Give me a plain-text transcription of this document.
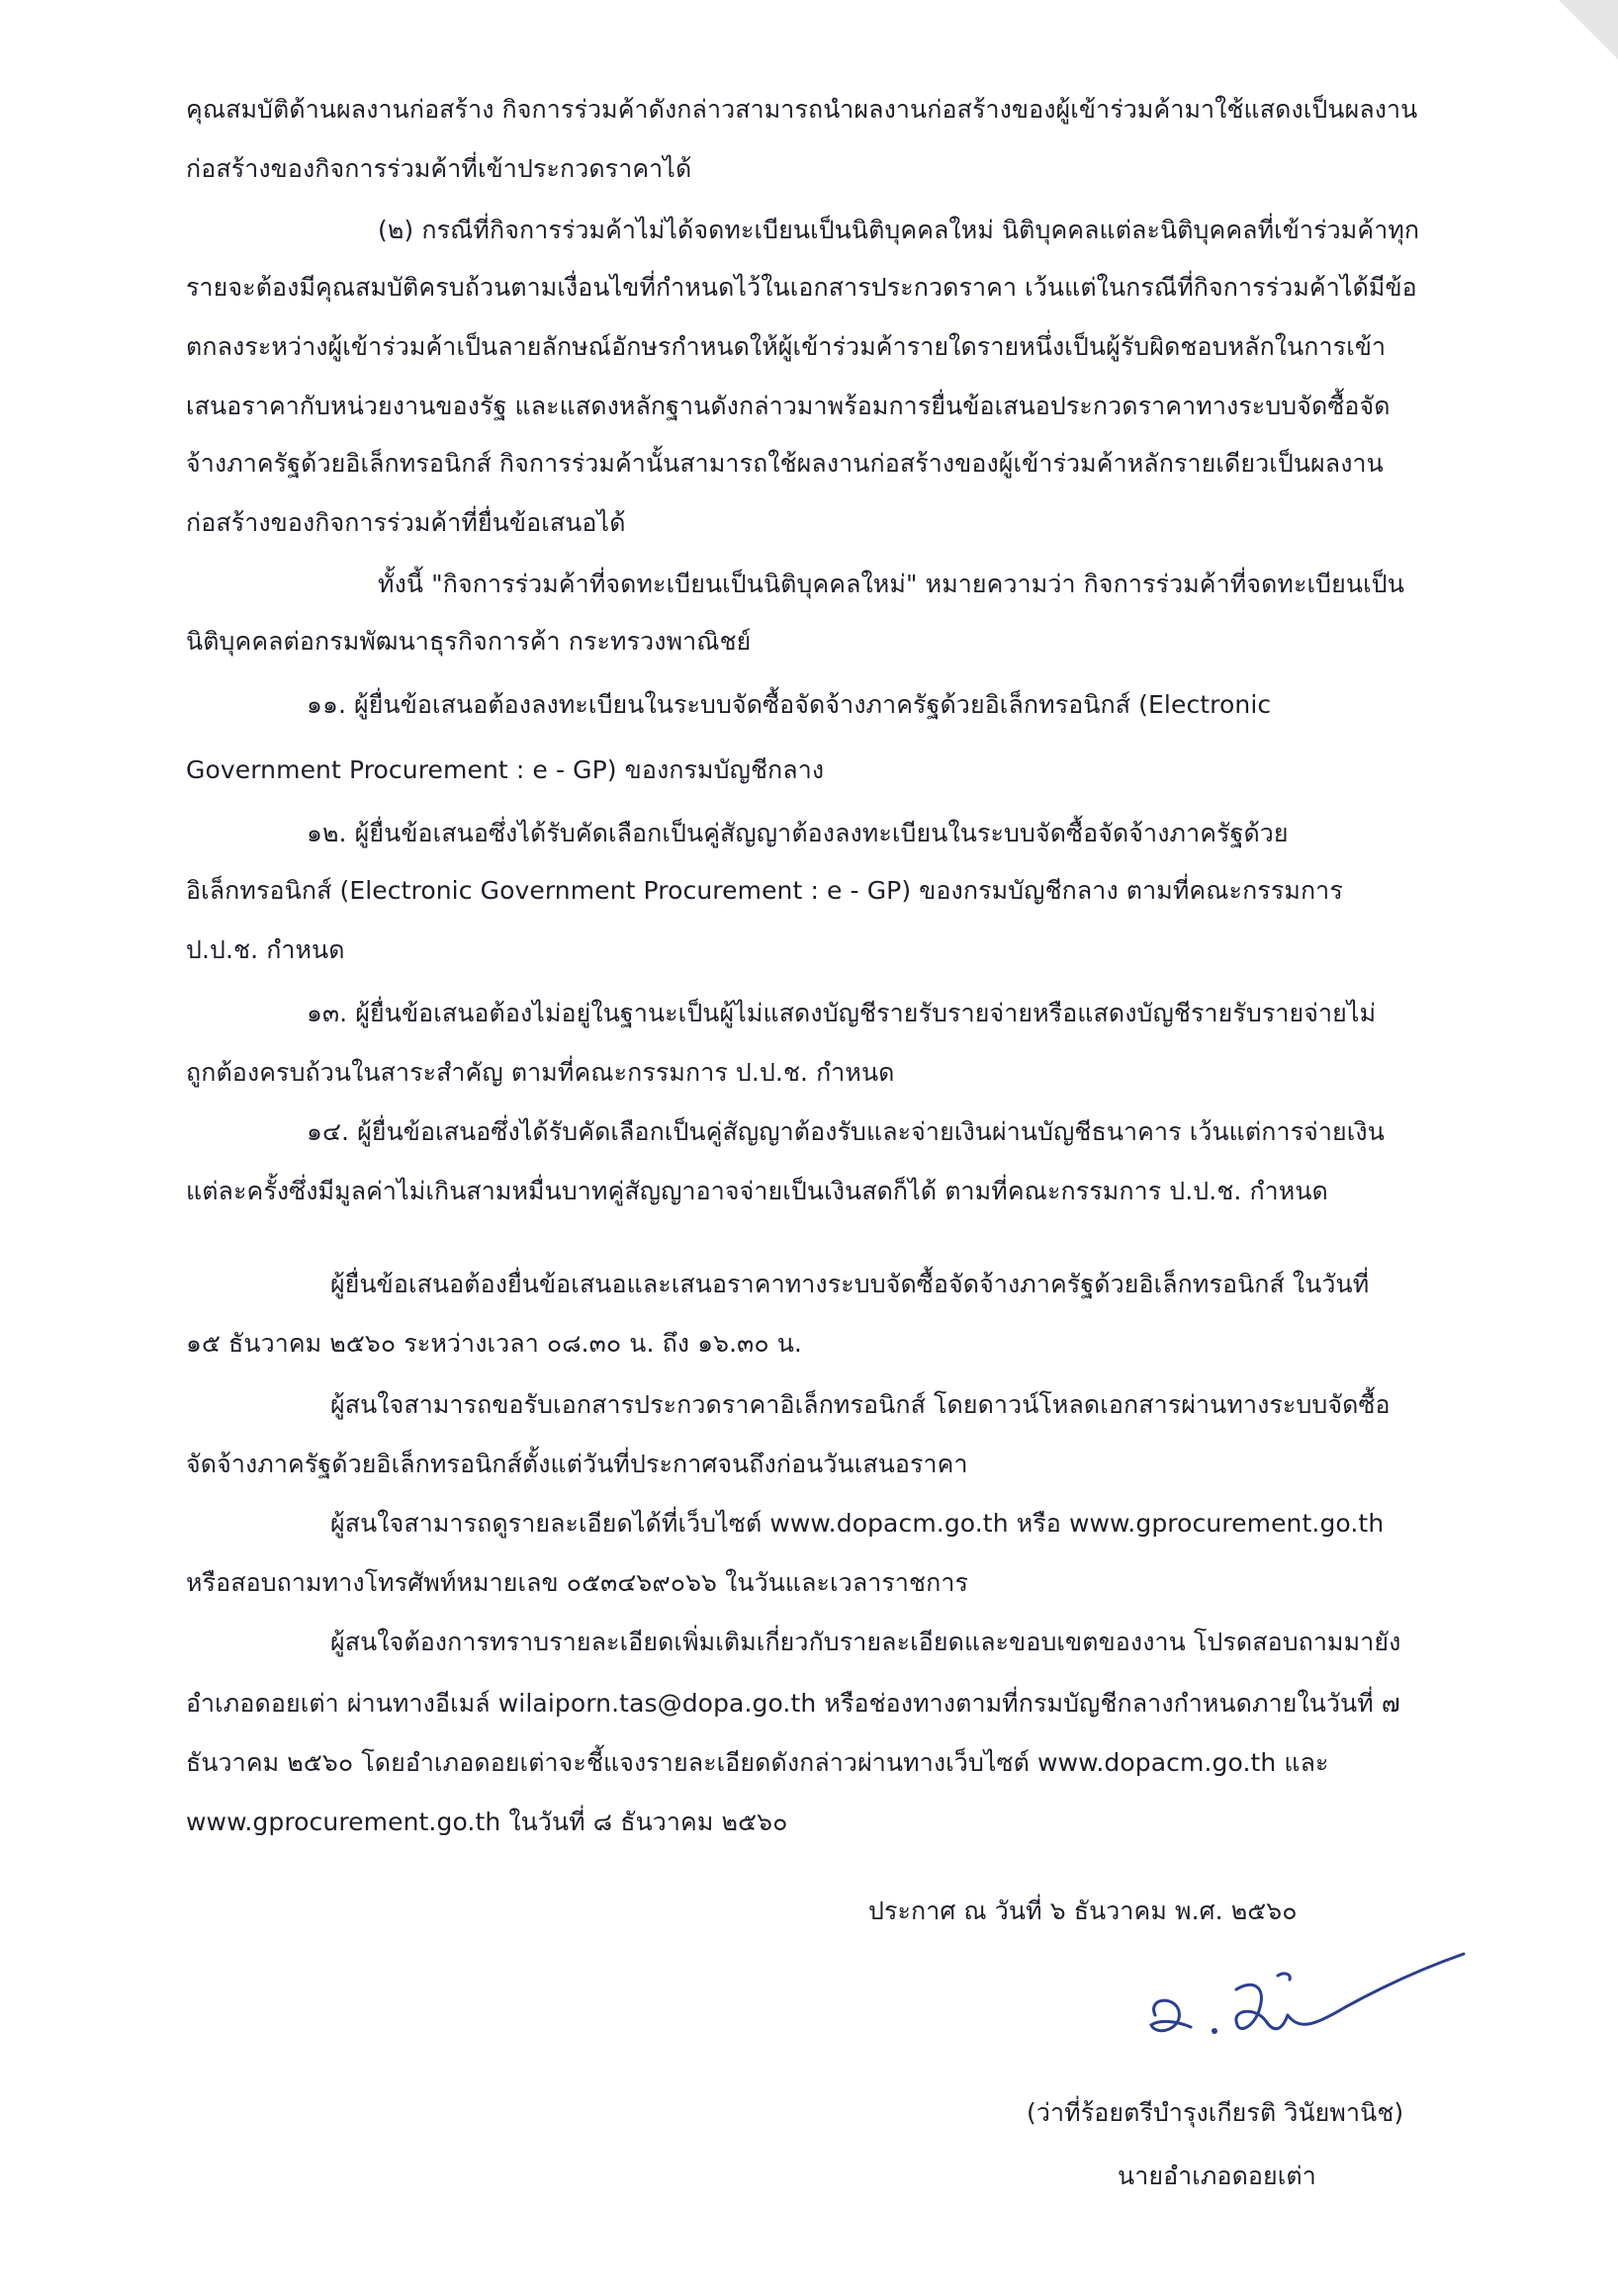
คุณสมบัติด้านผลงานก่อสร้าง กิจการร่วมค้าดังกล่าวสามารถนำผลงานก่อสร้างของผู้เข้าร่วมค้ามาใช้แสดงเป็นผลงาน
ก่อสร้างของกิจการร่วมค้าที่เข้าประกวดราคาได้
(๒) กรณีที่กิจการร่วมค้าไม่ได้จดทะเบียนเป็นนิติบุคคลใหม่ นิติบุคคลแต่ละนิติบุคคลที่เข้าร่วมค้าทุก
รายจะต้องมีคุณสมบัติครบถ้วนตามเงื่อนไขที่กำหนดไว้ในเอกสารประกวดราคา เว้นแต่ในกรณีที่กิจการร่วมค้าได้มีข้อ
ตกลงระหว่างผู้เข้าร่วมค้าเป็นลายลักษณ์อักษรกำหนดให้ผู้เข้าร่วมค้ารายใดรายหนึ่งเป็นผู้รับผิดชอบหลักในการเข้า
เสนอราคากับหน่วยงานของรัฐ และแสดงหลักฐานดังกล่าวมาพร้อมการยื่นข้อเสนอประกวดราคาทางระบบจัดซื้อจัด
จ้างภาครัฐด้วยอิเล็กทรอนิกส์ กิจการร่วมค้านั้นสามารถใช้ผลงานก่อสร้างของผู้เข้าร่วมค้าหลักรายเดียวเป็นผลงาน
ก่อสร้างของกิจการร่วมค้าที่ยื่นข้อเสนอได้
ทั้งนี้ "กิจการร่วมค้าที่จดทะเบียนเป็นนิติบุคคลใหม่" หมายความว่า กิจการร่วมค้าที่จดทะเบียนเป็น
นิติบุคคลต่อกรมพัฒนาธุรกิจการค้า กระทรวงพาณิชย์
๑๑. ผู้ยื่นข้อเสนอต้องลงทะเบียนในระบบจัดซื้อจัดจ้างภาครัฐด้วยอิเล็กทรอนิกส์ (Electronic
Government Procurement : e - GP) ของกรมบัญชีกลาง
๑๒. ผู้ยื่นข้อเสนอซึ่งได้รับคัดเลือกเป็นคู่สัญญาต้องลงทะเบียนในระบบจัดซื้อจัดจ้างภาครัฐด้วย
อิเล็กทรอนิกส์ (Electronic Government Procurement : e - GP) ของกรมบัญชีกลาง ตามที่คณะกรรมการ
ป.ป.ช. กำหนด
๑๓. ผู้ยื่นข้อเสนอต้องไม่อยู่ในฐานะเป็นผู้ไม่แสดงบัญชีรายรับรายจ่ายหรือแสดงบัญชีรายรับรายจ่ายไม่
ถูกต้องครบถ้วนในสาระสำคัญ ตามที่คณะกรรมการ ป.ป.ช. กำหนด
๑๔. ผู้ยื่นข้อเสนอซึ่งได้รับคัดเลือกเป็นคู่สัญญาต้องรับและจ่ายเงินผ่านบัญชีธนาคาร เว้นแต่การจ่ายเงิน
แต่ละครั้งซึ่งมีมูลค่าไม่เกินสามหมื่นบาทคู่สัญญาอาจจ่ายเป็นเงินสดก็ได้ ตามที่คณะกรรมการ ป.ป.ช. กำหนด
ผู้ยื่นข้อเสนอต้องยื่นข้อเสนอและเสนอราคาทางระบบจัดซื้อจัดจ้างภาครัฐด้วยอิเล็กทรอนิกส์ ในวันที่
๑๕ ธันวาคม ๒๕๖๐ ระหว่างเวลา ๐๘.๓๐ น. ถึง ๑๖.๓๐ น.
ผู้สนใจสามารถขอรับเอกสารประกวดราคาอิเล็กทรอนิกส์ โดยดาวน์โหลดเอกสารผ่านทางระบบจัดซื้อ
จัดจ้างภาครัฐด้วยอิเล็กทรอนิกส์ตั้งแต่วันที่ประกาศจนถึงก่อนวันเสนอราคา
ผู้สนใจสามารถดูรายละเอียดได้ที่เว็บไซต์ www.dopacm.go.th หรือ www.gprocurement.go.th
หรือสอบถามทางโทรศัพท์หมายเลข ๐๕๓๔๖๙๐๖๖ ในวันและเวลาราชการ
ผู้สนใจต้องการทราบรายละเอียดเพิ่มเติมเกี่ยวกับรายละเอียดและขอบเขตของงาน โปรดสอบถามมายัง
อำเภอดอยเต่า ผ่านทางอีเมล์ wilaiporn.tas@dopa.go.th หรือช่องทางตามที่กรมบัญชีกลางกำหนดภายในวันที่ ๗
ธันวาคม ๒๕๖๐ โดยอำเภอดอยเต่าจะชี้แจงรายละเอียดดังกล่าวผ่านทางเว็บไซต์ www.dopacm.go.th และ
www.gprocurement.go.th ในวันที่ ๘ ธันวาคม ๒๕๖๐
ประกาศ ณ วันที่ ๖ ธันวาคม พ.ศ. ๒๕๖๐
(ว่าที่ร้อยตรีบำรุงเกียรติ วินัยพานิช)
นายอำเภอดอยเต่า
